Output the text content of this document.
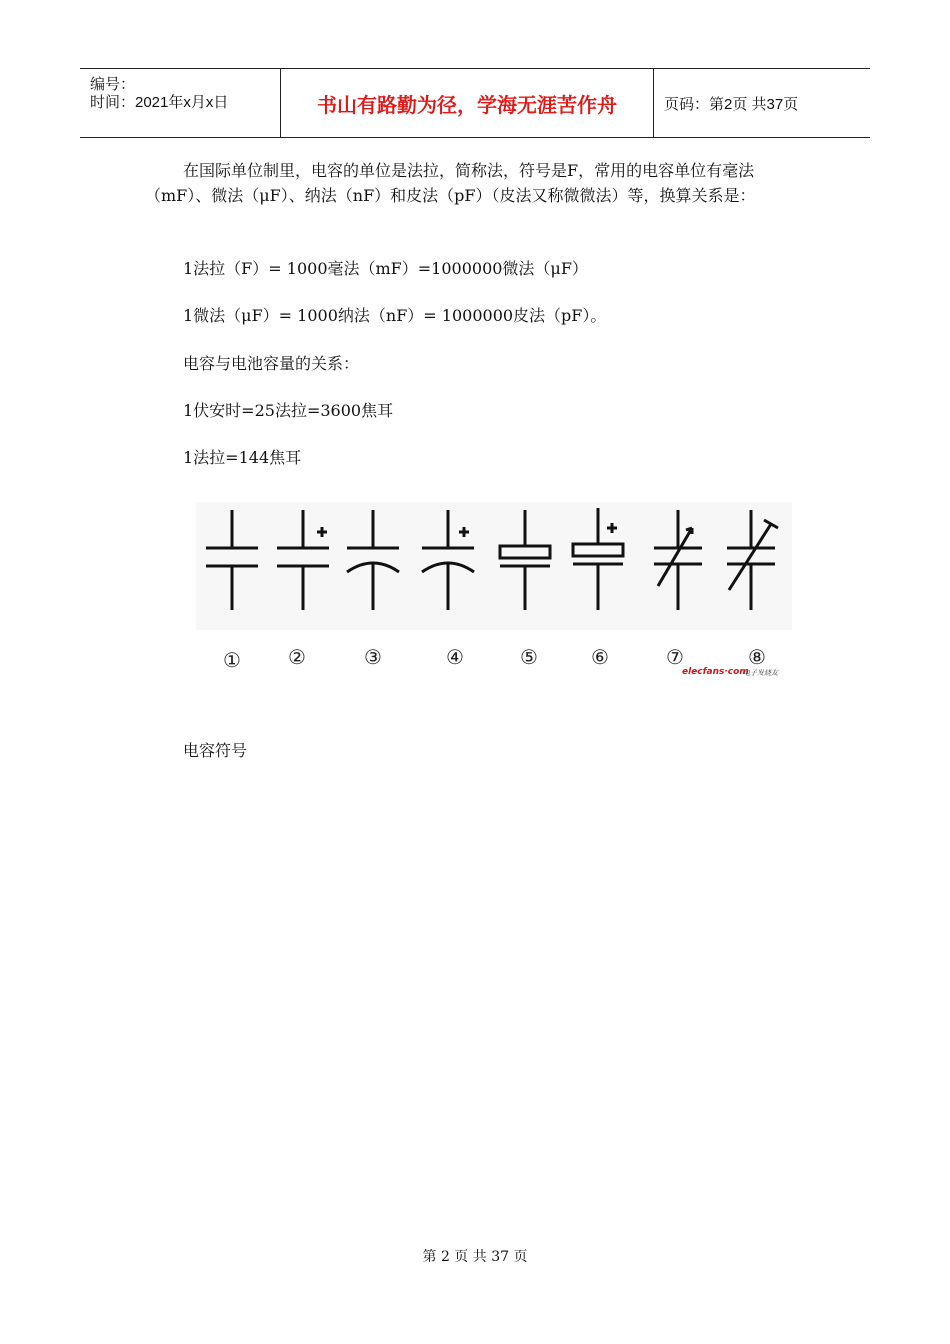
编号：
时间：2021年x月x日	书山有路勤为径，学海无涯苦作舟	页码：第2页 共37页
在国际单位制里，电容的单位是法拉，简称法，符号是F，常用的电容单位有毫法（mF）、微法（μF）、纳法（nF）和皮法（pF）（皮法又称微微法）等，换算关系是：
1法拉（F）= 1000毫法（mF）=1000000微法（μF）
1微法（μF）= 1000纳法（nF）= 1000000皮法（pF）。
电容与电池容量的关系：
1伏安时=25法拉=3600焦耳
1法拉=144焦耳
① ②	③	④	⑤	⑥	⑦	⑧
elecfans·com
电子发烧友
电容符号
第 2 页 共 37 页
